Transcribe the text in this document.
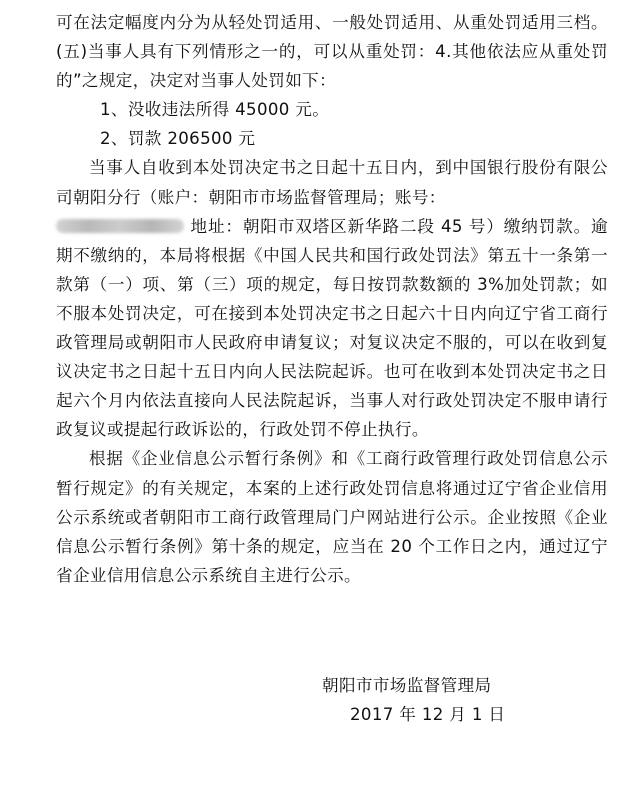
可在法定幅度内分为从轻处罚适用、一般处罚适用、从重处罚适用三档。(五)当事人具有下列情形之一的，可以从重处罚：4.其他依法应从重处罚的”之规定，决定对当事人处罚如下：

1、没收违法所得 45000 元。

2、罚款 206500 元

当事人自收到本处罚决定书之日起十五日内，到中国银行股份有限公司朝阳分行（账户：朝阳市市场监督管理局；账号：
地址：朝阳市双塔区新华路二段 45 号）缴纳罚款。逾期不缴纳的，本局将根据《中国人民共和国行政处罚法》第五十一条第一款第（一）项、第（三）项的规定，每日按罚款数额的 3%加处罚款；如不服本处罚决定，可在接到本处罚决定书之日起六十日内向辽宁省工商行政管理局或朝阳市人民政府申请复议；对复议决定不服的，可以在收到复议决定书之日起十五日内向人民法院起诉。也可在收到本处罚决定书之日起六个月内依法直接向人民法院起诉，当事人对行政处罚决定不服申请行政复议或提起行政诉讼的，行政处罚不停止执行。

根据《企业信息公示暂行条例》和《工商行政管理行政处罚信息公示暂行规定》的有关规定，本案的上述行政处罚信息将通过辽宁省企业信用公示系统或者朝阳市工商行政管理局门户网站进行公示。企业按照《企业信息公示暂行条例》第十条的规定，应当在 20 个工作日之内，通过辽宁省企业信用信息公示系统自主进行公示。

朝阳市市场监督管理局
2017 年 12 月 1 日
